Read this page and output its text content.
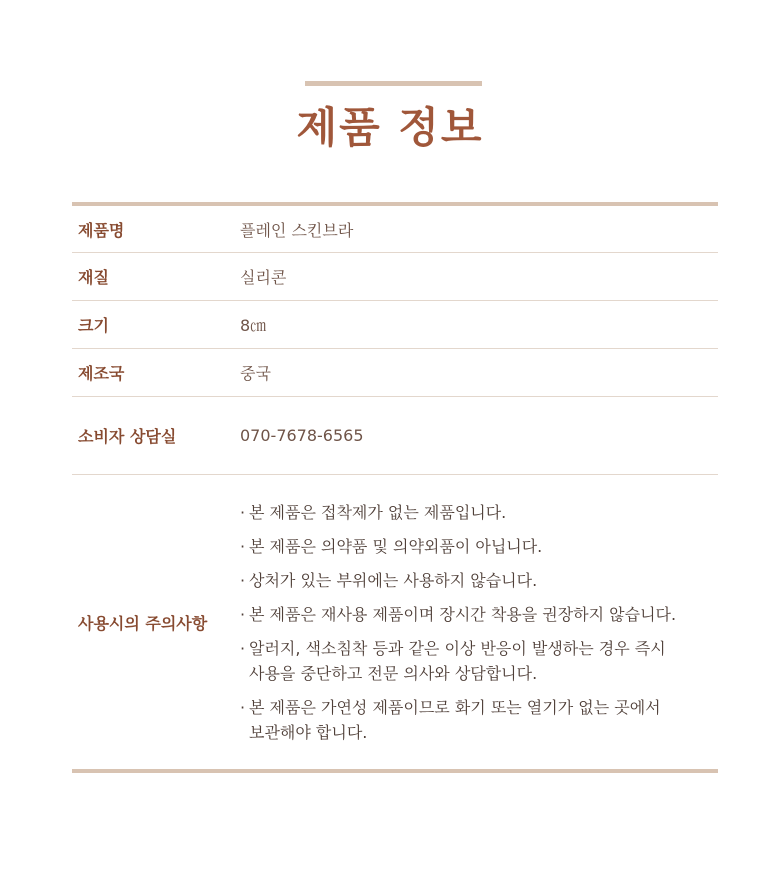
제품 정보
제품명	플레인 스킨브라
재질	실리콘
크기	8㎝
제조국	중국
소비자 상담실	070-7678-6565
사용시의 주의사항
· 본 제품은 접착제가 없는 제품입니다.
· 본 제품은 의약품 및 의약외품이 아닙니다.
· 상처가 있는 부위에는 사용하지 않습니다.
· 본 제품은 재사용 제품이며 장시간 착용을 권장하지 않습니다.
· 알러지, 색소침착 등과 같은 이상 반응이 발생하는 경우 즉시
사용을 중단하고 전문 의사와 상담합니다.
· 본 제품은 가연성 제품이므로 화기 또는 열기가 없는 곳에서
보관해야 합니다.
